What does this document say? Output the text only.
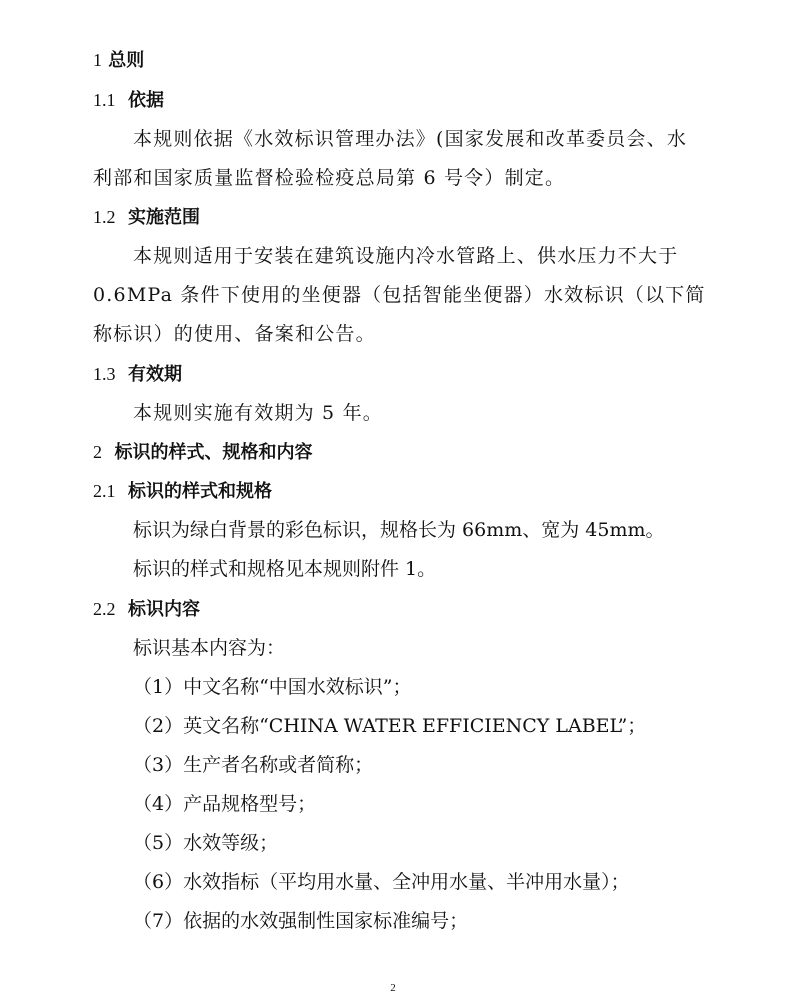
1 总则
1.1 依据
本规则依据《水效标识管理办法》(国家发展和改革委员会、水
利部和国家质量监督检验检疫总局第 6 号令）制定。
1.2 实施范围
本规则适用于安装在建筑设施内冷水管路上、供水压力不大于
0.6MPa 条件下使用的坐便器（包括智能坐便器）水效标识（以下简
称标识）的使用、备案和公告。
1.3 有效期
本规则实施有效期为 5 年。
2 标识的样式、规格和内容
2.1 标识的样式和规格
标识为绿白背景的彩色标识，规格长为 66mm、宽为 45mm。
标识的样式和规格见本规则附件 1。
2.2 标识内容
标识基本内容为：
（1）中文名称“中国水效标识”；
（2）英文名称“CHINA WATER EFFICIENCY LABEL”；
（3）生产者名称或者简称；
（4）产品规格型号；
（5）水效等级；
（6）水效指标（平均用水量、全冲用水量、半冲用水量）；
（7）依据的水效强制性国家标准编号；
2
